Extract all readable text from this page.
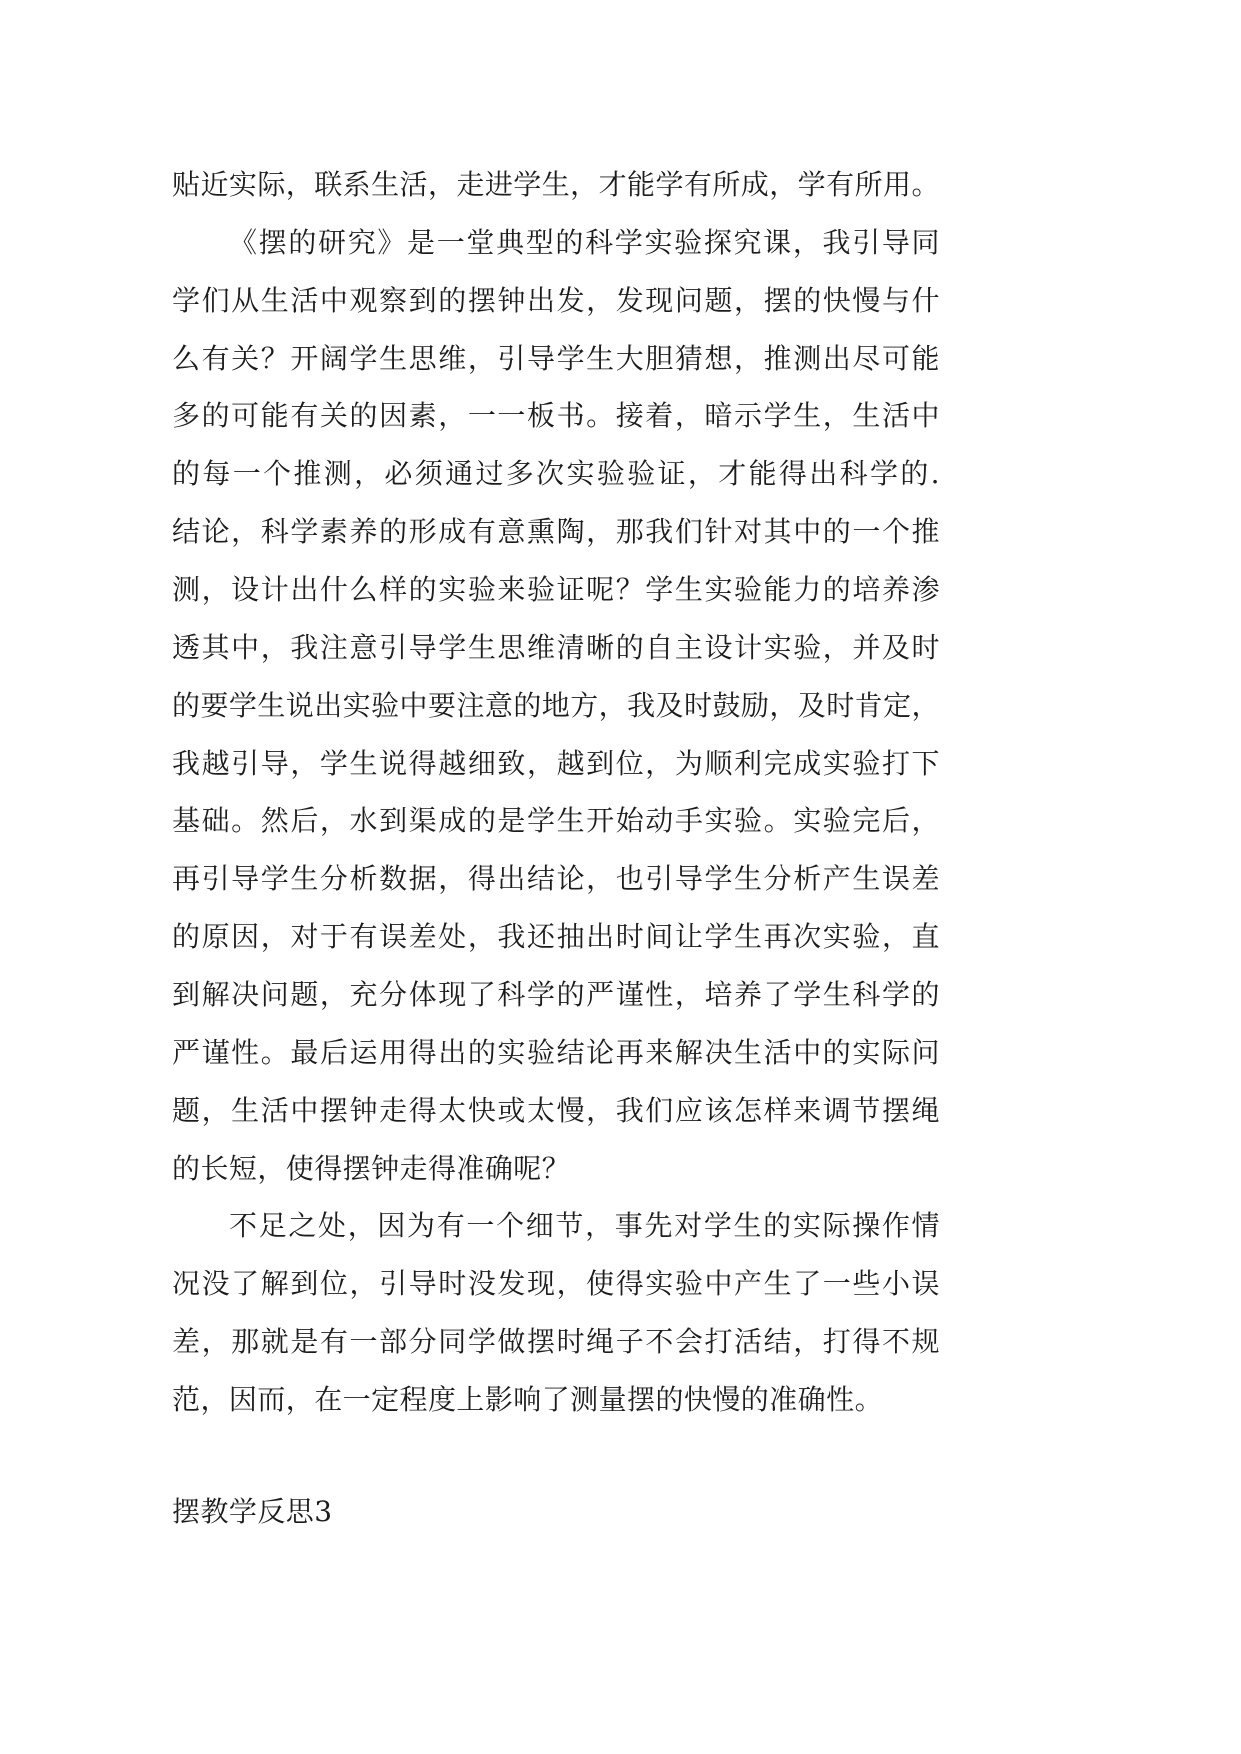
贴近实际，联系生活，走进学生，才能学有所成，学有所用。
《摆的研究》是一堂典型的科学实验探究课，我引导同
学们从生活中观察到的摆钟出发，发现问题，摆的快慢与什
么有关？开阔学生思维，引导学生大胆猜想，推测出尽可能
多的可能有关的因素，一一板书。接着，暗示学生，生活中
的每一个推测，必须通过多次实验验证，才能得出科学的.
结论，科学素养的形成有意熏陶，那我们针对其中的一个推
测，设计出什么样的实验来验证呢？学生实验能力的培养渗
透其中，我注意引导学生思维清晰的自主设计实验，并及时
的要学生说出实验中要注意的地方，我及时鼓励，及时肯定，
我越引导，学生说得越细致，越到位，为顺利完成实验打下
基础。然后，水到渠成的是学生开始动手实验。实验完后，
再引导学生分析数据，得出结论，也引导学生分析产生误差
的原因，对于有误差处，我还抽出时间让学生再次实验，直
到解决问题，充分体现了科学的严谨性，培养了学生科学的
严谨性。最后运用得出的实验结论再来解决生活中的实际问
题，生活中摆钟走得太快或太慢，我们应该怎样来调节摆绳
的长短，使得摆钟走得准确呢？
不足之处，因为有一个细节，事先对学生的实际操作情
况没了解到位，引导时没发现，使得实验中产生了一些小误
差，那就是有一部分同学做摆时绳子不会打活结，打得不规
范，因而，在一定程度上影响了测量摆的快慢的准确性。
摆教学反思3
